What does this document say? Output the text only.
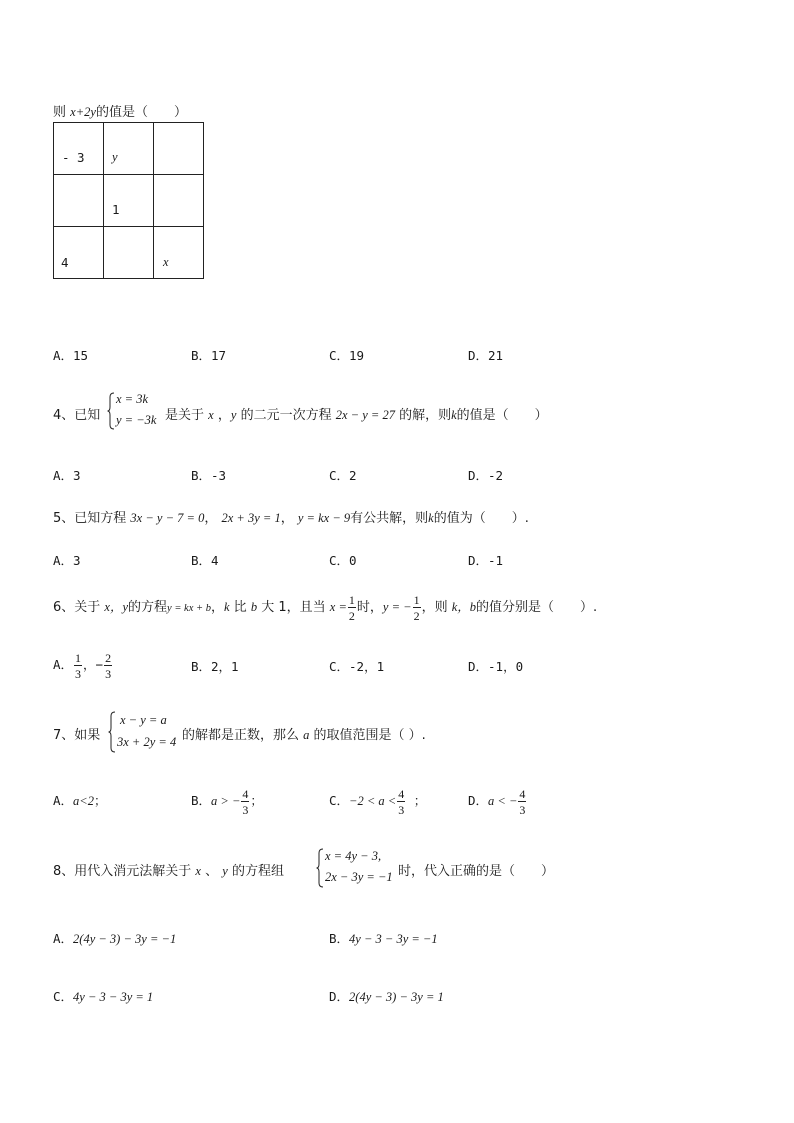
则 x+2y的值是（　　）
- 3	y	

	1	

4		x
A．15	B．17	C．19	D．21
4、已知
x = 3k
y = −3k 是关于 x ，y 的二元一次方程 2x − y = 27 的解，则k的值是（　　）
A．3	B．-3	C．2	D．-2
5、已知方程 3x − y − 7 = 0， 2x + 3y = 1， y = kx − 9有公共解，则k的值为（　　）.
A．3	B．4	C．0	D．-1
6、关于 x，y的方程y = kx + b，k 比 b 大 1，且当 $x = \frac{1}{2}$ 时，y = − $\frac{1}{2}$ ，则 k，b的值分别是（　　）.
A． $\frac{1}{3}$ ，− $\frac{2}{3}$	B．2，1	C．-2，1	D．-1，0
7、如果
x − y = a
3x + 2y = 4 的解都是正数，那么 a 的取值范围是（ ）.
A．a<2；	B．a > − $\frac{4}{3}$ ；	C．$-2 < a < \frac{4}{3}$ ；	D．a < − $\frac{4}{3}$
8、用代入消元法解关于 x 、 y 的方程组
x = 4y − 3,
2x − 3y = −1 时，代入正确的是（　　）
A．2(4y − 3) − 3y = −1	B．4y − 3 − 3y = −1
C．4y − 3 − 3y = 1	D．2(4y − 3) − 3y = 1
